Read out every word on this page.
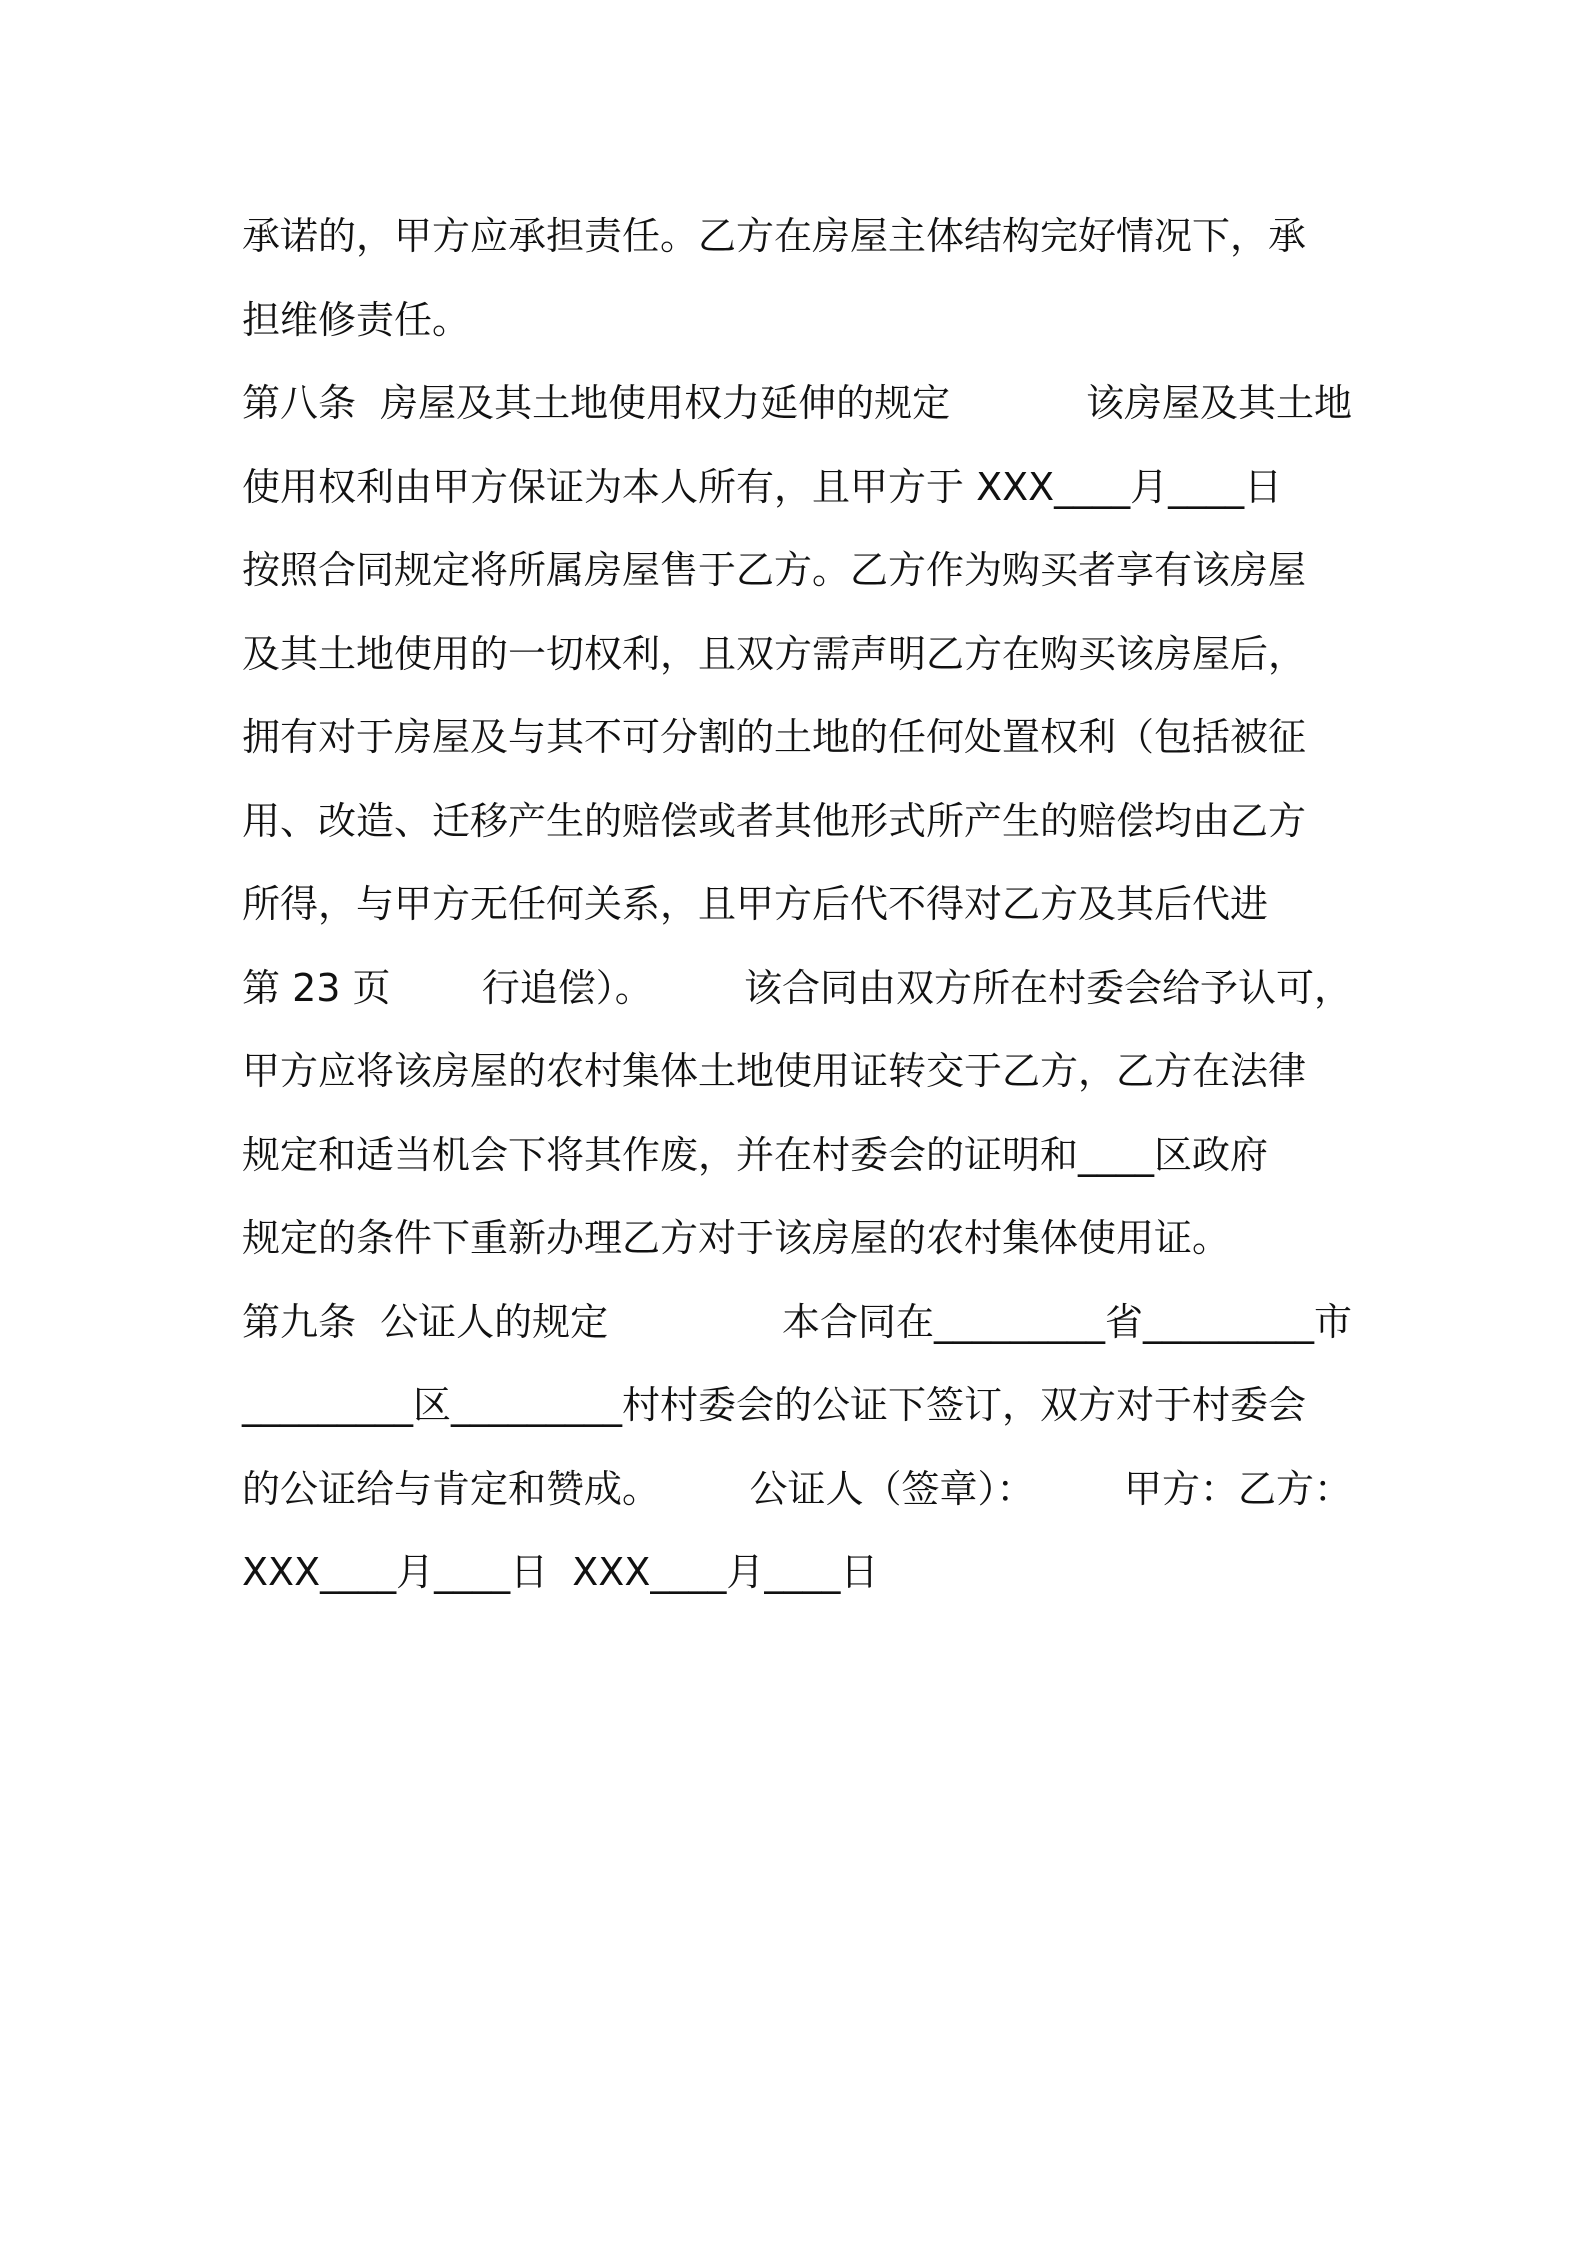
承诺的，甲方应承担责任。乙方在房屋主体结构完好情况下，承
担维修责任。
第八条  房屋及其土地使用权力延伸的规定	该房屋及其土地
使用权利由甲方保证为本人所有，且甲方于 XXX____月____日
按照合同规定将所属房屋售于乙方。乙方作为购买者享有该房屋
及其土地使用的一切权利，且双方需声明乙方在购买该房屋后，
拥有对于房屋及与其不可分割的土地的任何处置权利（包括被征
用、改造、迁移产生的赔偿或者其他形式所产生的赔偿均由乙方
所得，与甲方无任何关系，且甲方后代不得对乙方及其后代进
第 23 页 行追偿）。 该合同由双方所在村委会给予认可，
甲方应将该房屋的农村集体土地使用证转交于乙方，乙方在法律
规定和适当机会下将其作废，并在村委会的证明和____区政府
规定的条件下重新办理乙方对于该房屋的农村集体使用证。
第九条  公证人的规定	本合同在_________省_________市
_________区_________村村委会的公证下签订，双方对于村委会
的公证给与肯定和赞成。 公证人（签章）： 甲方：乙方：
XXX____月____日  XXX____月____日
